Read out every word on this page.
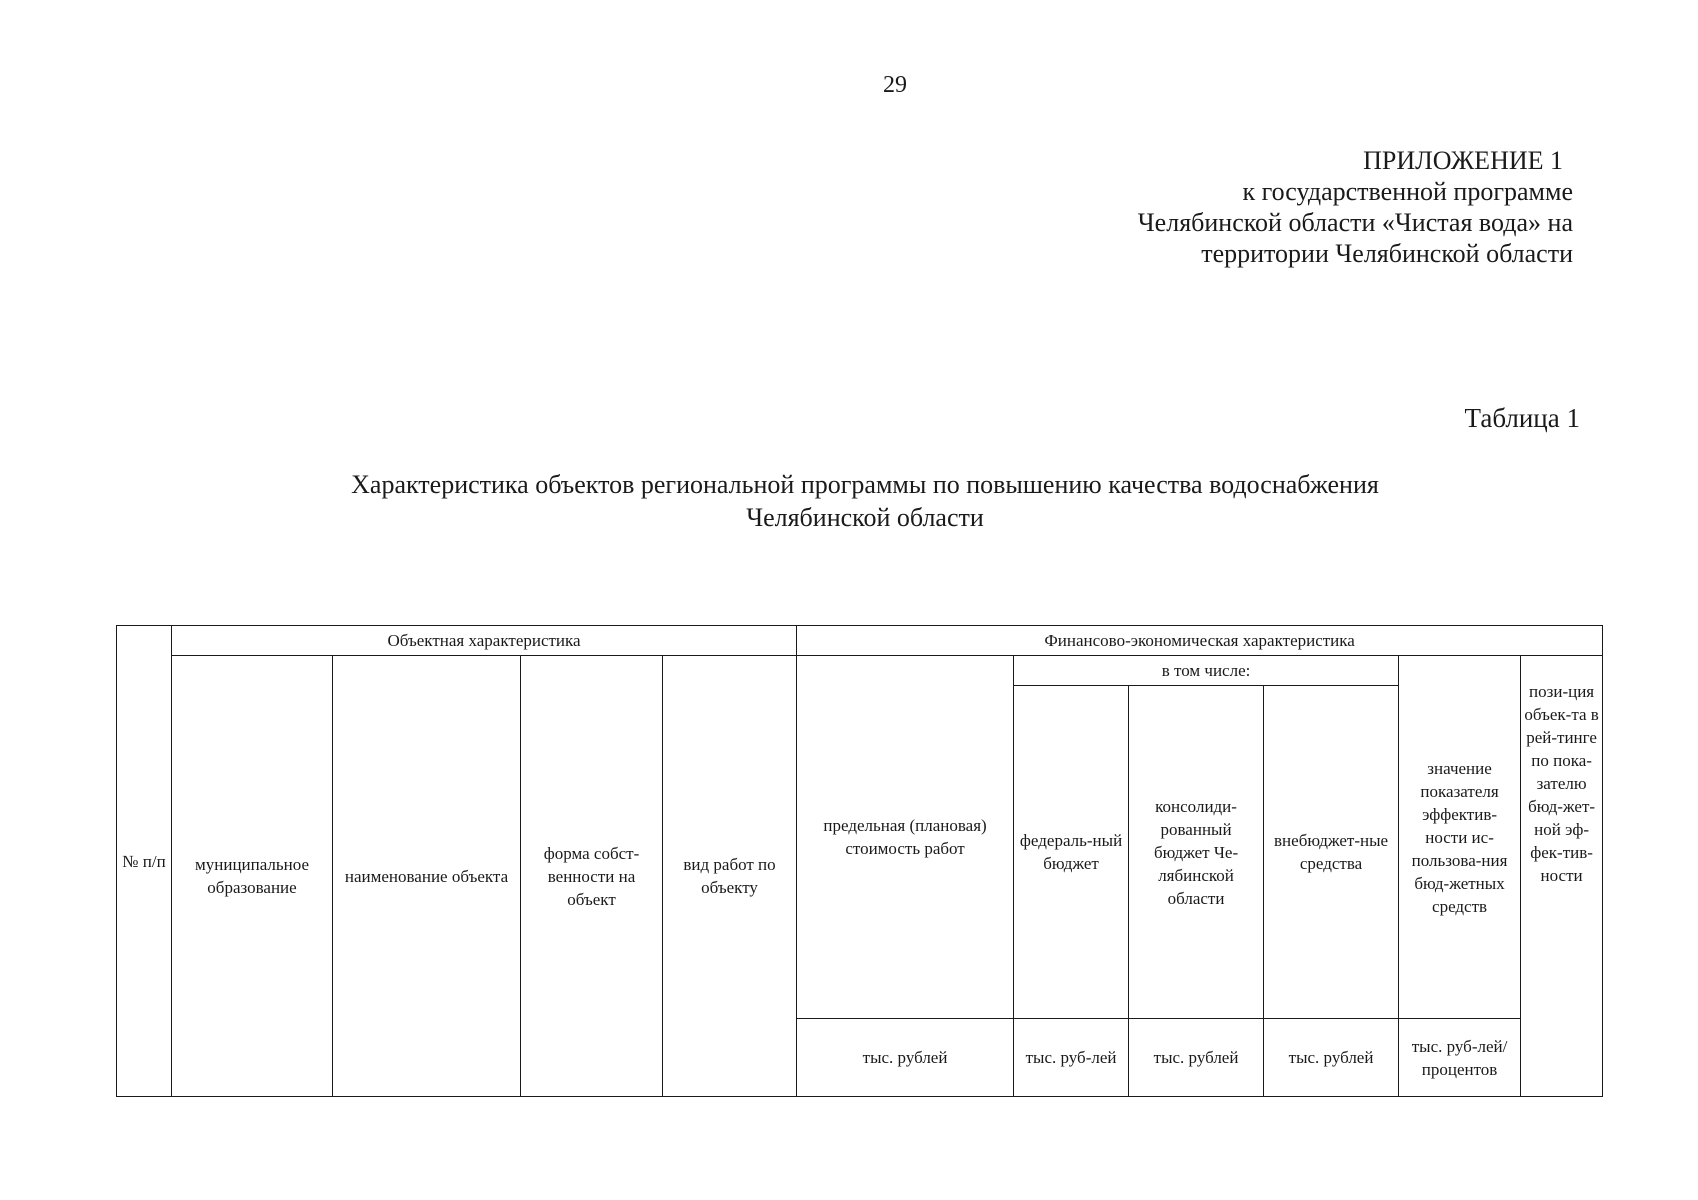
29
ПРИЛОЖЕНИЕ 1
к государственной программе
Челябинской области «Чистая вода» на
территории Челябинской области
Таблица 1
Характеристика объектов региональной программы по повышению качества водоснабжения
Челябинской области
№ п/п	Объектная характеристика				Финансово-экономическая характеристика					
	муниципальное образование	наименование объекта	форма собст-венности на объект	вид работ по объекту	предельная (плановая) стоимость работ	в том числе:			значение показателя эффектив-ности ис-пользова-ния бюд-жетных средств	пози-ция объек-та в рей-тинге по пока-зателю бюд-жет-ной эф-фек-тив-ности
						федераль-ный бюджет	консолиди-рованный бюджет Че-лябинской области	внебюджет-ные средства		
					тыс. рублей	тыс. руб-лей	тыс. рублей	тыс. рублей	тыс. руб-лей/ процентов	
